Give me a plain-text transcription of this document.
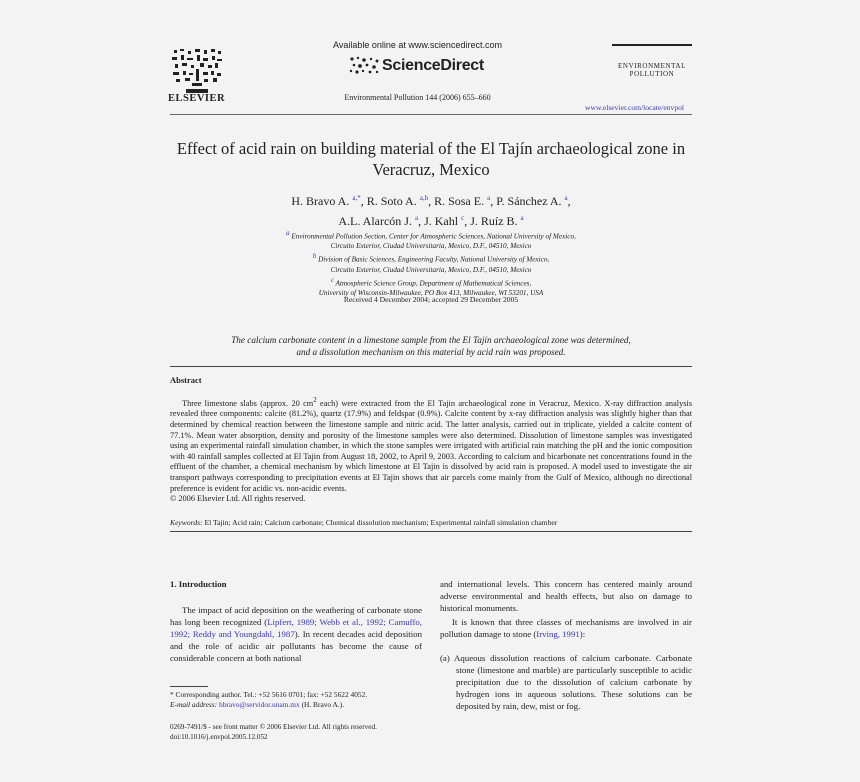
ELSEVIER
Available online at www.sciencedirect.com
ScienceDirect
Environmental Pollution 144 (2006) 655–660
ENVIRONMENTAL POLLUTION
www.elsevier.com/locate/envpol
Effect of acid rain on building material of the El Tajín archaeological zone in Veracruz, Mexico
H. Bravo A. $^{a,*}$, R. Soto A. $^{a,b}$, R. Sosa E. $^a$, P. Sánchez A. $^a$,
A.L. Alarcón J. $^a$, J. Kahl $^c$, J. Ruíz B. $^a$
$^a$ Environmental Pollution Section, Center for Atmospheric Sciences, National University of Mexico,
Circuito Exterior, Ciudad Universitaria, Mexico, D.F., 04510, Mexico
$^b$ Division of Basic Sciences, Engineering Faculty, National University of Mexico,
Circuito Exterior, Ciudad Universitaria, Mexico, D.F., 04510, Mexico
$^c$ Atmospheric Science Group, Department of Mathematical Sciences,
University of Wisconsin-Milwaukee, PO Box 413, Milwaukee, WI 53201, USA
Received 4 December 2004; accepted 29 December 2005
The calcium carbonate content in a limestone sample from the El Tajín archaeological zone was determined,
and a dissolution mechanism on this material by acid rain was proposed.
Abstract
Three limestone slabs (approx. 20 $cm^2$ each) were extracted from the El Tajin archaeological zone in Veracruz, Mexico. X-ray diffraction analysis revealed three components: calcite (81.2%), quartz (17.9%) and feldspar (0.9%). Calcite content by x-ray diffraction analysis was slightly higher than that determined by chemical reaction between the limestone sample and nitric acid. The latter analysis, carried out in triplicate, yielded a calcite content of 77.1%. Mean water absorption, density and porosity of the limestone samples were also determined. Dissolution of limestone samples was investigated using an experimental rainfall simulation chamber, in which the stone samples were irrigated with artificial rain matching the pH and the ionic composition with 40 rainfall samples collected at El Tajin from August 18, 2002, to April 9, 2003. According to calcium and bicarbonate net concentrations found in the effluent of the chamber, a chemical mechanism by which limestone at El Tajin is dissolved by acid rain is proposed. A model used to investigate the air transport pathways corresponding to precipitation events at El Tajin shows that air parcels come mainly from the Gulf of Mexico, although no directional preference is evident for acidic vs. non-acidic events.
© 2006 Elsevier Ltd. All rights reserved.
Keywords: El Tajin; Acid rain; Calcium carbonate; Chemical dissolution mechanism; Experimental rainfall simulation chamber
1. Introduction

The impact of acid deposition on the weathering of carbonate stone has long been recognized (Lipfert, 1989; Webb et al., 1992; Camuffo, 1992; Reddy and Youngdahl, 1987). In recent decades acid deposition and the role of acidic air pollutants has become the cause of considerable concern at both national

and international levels. This concern has centered mainly around adverse environmental and health effects, but also on damage to historical monuments.

It is known that three classes of mechanisms are involved in air pollution damage to stone (Irving, 1991):

(a) Aqueous dissolution reactions of calcium carbonate. Carbonate stone (limestone and marble) are particularly susceptible to acidic precipitation due to the dissolution of calcium carbonate by hydrogen ions in aqueous solutions. These solutions can be deposited by rain, dew, mist or fog.

* Corresponding author. Tel.: +52 5616 0701; fax: +52 5622 4052.
E-mail address: hbravo@servidor.unam.mx (H. Bravo A.).
0269-7491/$ - see front matter © 2006 Elsevier Ltd. All rights reserved.
doi:10.1016/j.envpol.2005.12.052
